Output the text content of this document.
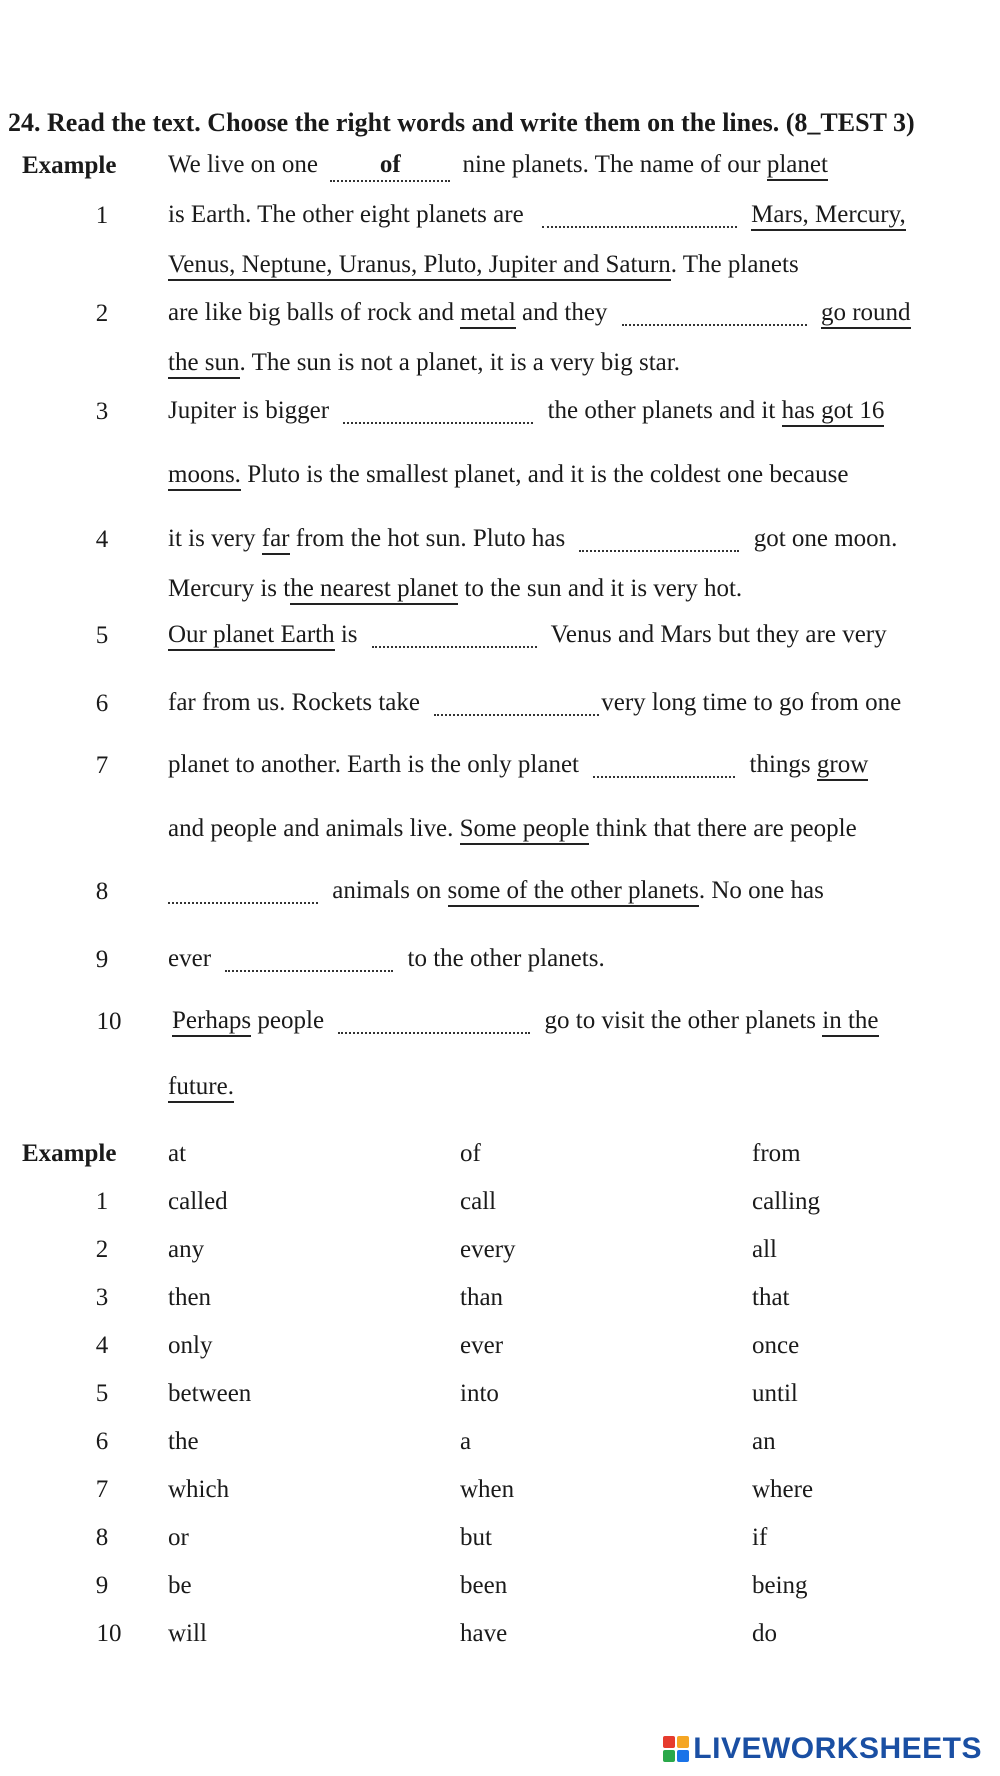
24. Read the text. Choose the right words and write them on the lines. (8_TEST 3)
Example We live on one of nine planets. The name of our planet
1	is Earth. The other eight planets are	Mars, Mercury,
Venus, Neptune, Uranus, Pluto, Jupiter and Saturn. The planets
2	are like big balls of rock and metal and they	go round
the sun. The sun is not a planet, it is a very big star.
3	Jupiter is bigger	the other planets and it has got 16
moons. Pluto is the smallest planet, and it is the coldest one because
4	it is very far from the hot sun. Pluto has	got one moon.
Mercury is the nearest planet to the sun and it is very hot.
5	Our planet Earth is	Venus and Mars but they are very
6	far from us. Rockets take	very long time to go from one
7	planet to another. Earth is the only planet	things grow
and people and animals live. Some people think that there are people
8	animals on some of the other planets. No one has
9	ever	to the other planets.
10	Perhaps people	go to visit the other planets in the
future.
Example at	of	from
1	called	call	calling
2	any	every	all
3	then	than	that
4	only	ever	once
5	between	into	until
6	the	a	an
7	which	when	where
8	or	but	if
9	be	been	being
10	will	have	do
LIVEWORKSHEETS
